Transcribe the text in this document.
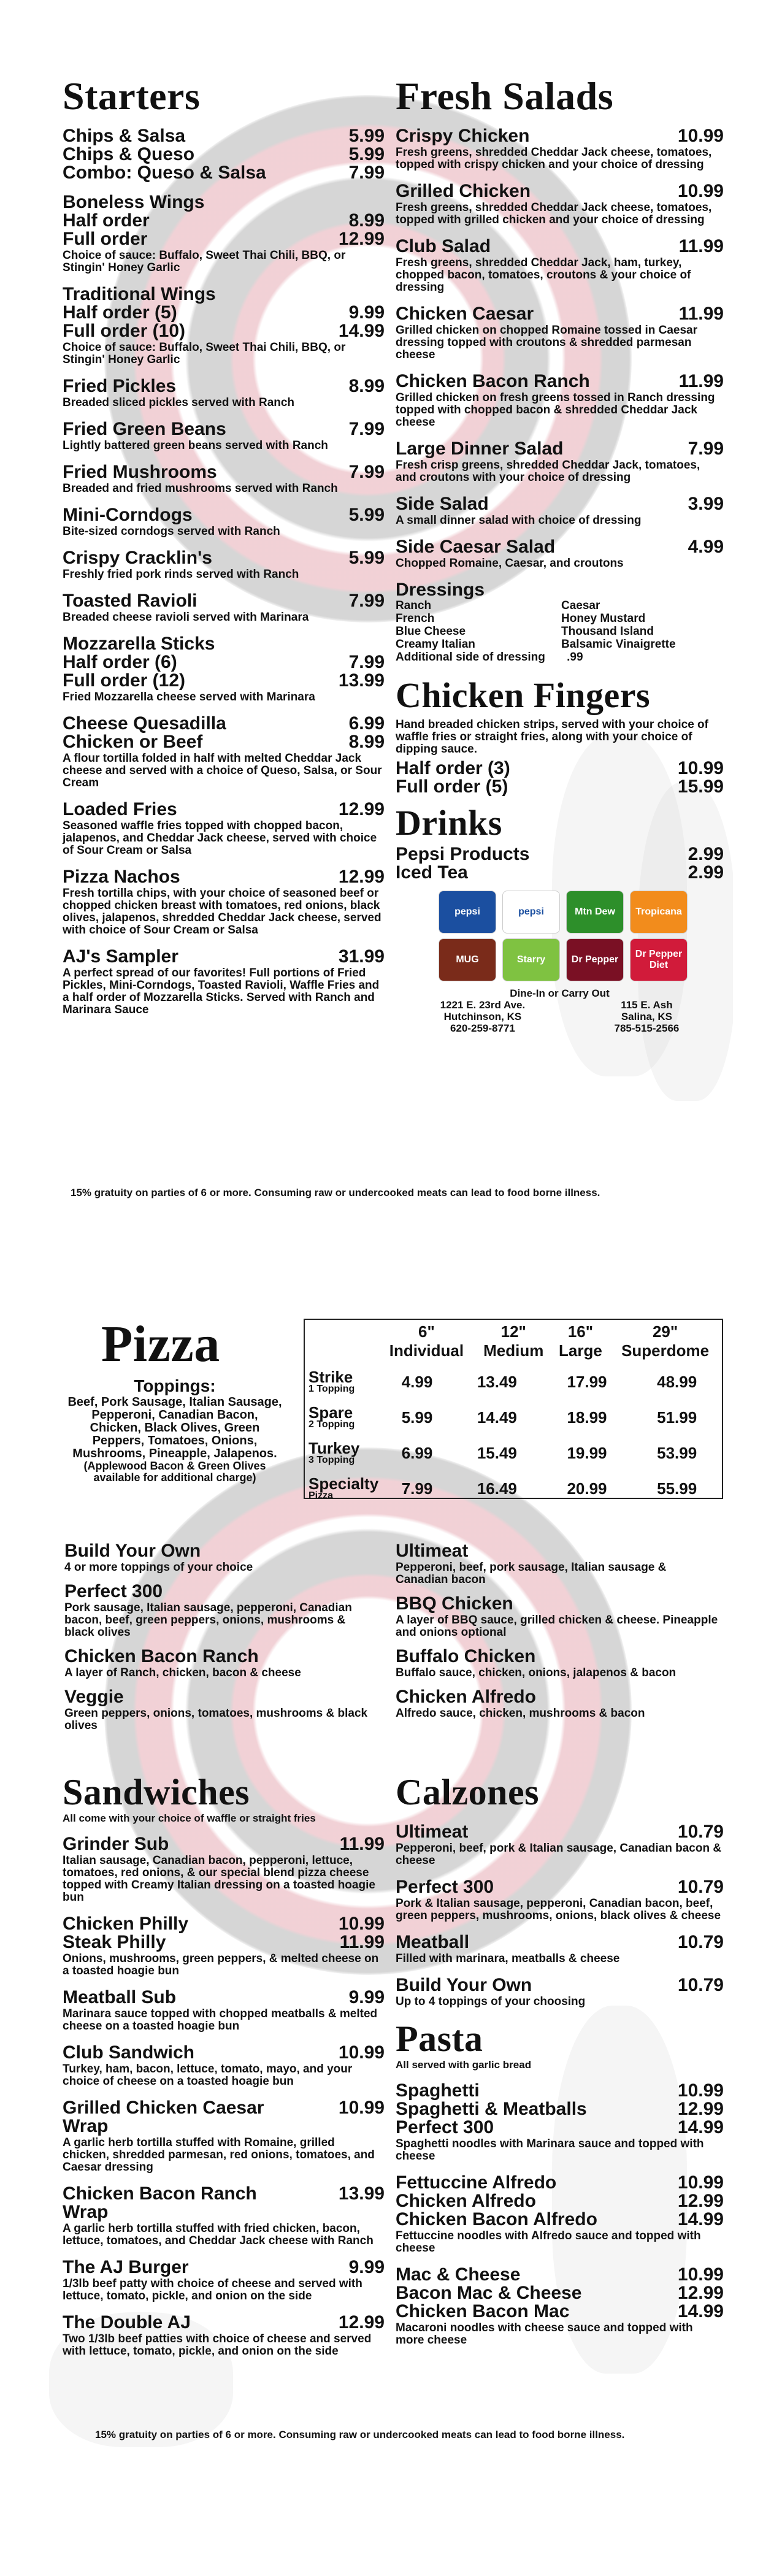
Starters
Chips & Salsa	5.99
Chips & Queso	5.99
Combo: Queso & Salsa	7.99
Boneless Wings
Half order	8.99
Full order	12.99
Choice of sauce: Buffalo, Sweet Thai Chili, BBQ, or Stingin' Honey Garlic
Traditional Wings
Half order (5)	9.99
Full order (10)	14.99
Choice of sauce: Buffalo, Sweet Thai Chili, BBQ, or Stingin' Honey Garlic
Fried Pickles	8.99
Breaded sliced pickles served with Ranch
Fried Green Beans	7.99
Lightly battered green beans served with Ranch
Fried Mushrooms	7.99
Breaded and fried mushrooms served with Ranch
Mini-Corndogs	5.99
Bite-sized corndogs served with Ranch
Crispy Cracklin's	5.99
Freshly fried pork rinds served with Ranch
Toasted Ravioli	7.99
Breaded cheese ravioli served with Marinara
Mozzarella Sticks
Half order (6)	7.99
Full order (12)	13.99
Fried Mozzarella cheese served with Marinara
Cheese Quesadilla	6.99
Chicken or Beef	8.99
A flour tortilla folded in half with melted Cheddar Jack cheese and served with a choice of Queso, Salsa, or Sour Cream
Loaded Fries	12.99
Seasoned waffle fries topped with chopped bacon, jalapenos, and Cheddar Jack cheese, served with choice of Sour Cream or Salsa
Pizza Nachos	12.99
Fresh tortilla chips, with your choice of seasoned beef or chopped chicken breast with tomatoes, red onions, black olives, jalapenos, shredded Cheddar Jack cheese, served with choice of Sour Cream or Salsa
AJ's Sampler	31.99
A perfect spread of our favorites! Full portions of Fried Pickles, Mini-Corndogs, Toasted Ravioli, Waffle Fries and a half order of Mozzarella Sticks. Served with Ranch and Marinara Sauce
Fresh Salads
Crispy Chicken	10.99
Fresh greens, shredded Cheddar Jack cheese, tomatoes, topped with crispy chicken and your choice of dressing
Grilled Chicken	10.99
Fresh greens, shredded Cheddar Jack cheese, tomatoes, topped with grilled chicken and your choice of dressing
Club Salad	11.99
Fresh greens, shredded Cheddar Jack, ham, turkey, chopped bacon, tomatoes, croutons & your choice of dressing
Chicken Caesar	11.99
Grilled chicken on chopped Romaine tossed in Caesar dressing topped with croutons & shredded parmesan cheese
Chicken Bacon Ranch	11.99
Grilled chicken on fresh greens tossed in Ranch dressing topped with chopped bacon & shredded Cheddar Jack cheese
Large Dinner Salad	7.99
Fresh crisp greens, shredded Cheddar Jack, tomatoes, and croutons with your choice of dressing
Side Salad	3.99
A small dinner salad with choice of dressing
Side Caesar Salad	4.99
Chopped Romaine, Caesar, and croutons
Dressings
Ranch	Caesar
French	Honey Mustard
Blue Cheese	Thousand Island
Creamy Italian	Balsamic Vinaigrette
Additional side of dressing .99
Chicken Fingers
Hand breaded chicken strips, served with your choice of waffle fries or straight fries, along with your choice of dipping sauce.
Half order (3)	10.99
Full order (5)	15.99
Drinks
Pepsi Products	2.99
Iced Tea	2.99
pepsi	pepsi	Mtn Dew	Tropicana
MUG	Starry	Dr Pepper
Dr Pepper Diet
Dine-In or Carry Out
1221 E. 23rd Ave.
Hutchinson, KS
620-259-8771
115 E. Ash
Salina, KS
785-515-2566
15% gratuity on parties of 6 or more. Consuming raw or undercooked meats can lead to food borne illness.
Pizza
Toppings:
Beef, Pork Sausage, Italian Sausage, Pepperoni, Canadian Bacon, Chicken, Black Olives, Green Peppers, Tomatoes, Onions, Mushrooms, Pineapple, Jalapenos.
(Applewood Bacon & Green Olives available for additional charge)
	6"	12"	16"	29"
	Individual	Medium	Large	Superdome
Strike
1 Topping	4.99	13.49	17.99	48.99

Spare
2 Topping	5.99	14.49	18.99	51.99

Turkey
3 Topping	6.99	15.49	19.99	53.99

Specialty
Pizza	7.99	16.49	20.99	55.99
Build Your Own
4 or more toppings of your choice
Perfect 300
Pork sausage, Italian sausage, pepperoni, Canadian bacon, beef, green peppers, onions, mushrooms & black olives
Chicken Bacon Ranch
A layer of Ranch, chicken, bacon & cheese
Veggie
Green peppers, onions, tomatoes, mushrooms & black olives
Ultimeat
Pepperoni, beef, pork sausage, Italian sausage & Canadian bacon
BBQ Chicken
A layer of BBQ sauce, grilled chicken & cheese. Pineapple and onions optional
Buffalo Chicken
Buffalo sauce, chicken, onions, jalapenos & bacon
Chicken Alfredo
Alfredo sauce, chicken, mushrooms & bacon
Sandwiches
All come with your choice of waffle or straight fries
Grinder Sub	11.99
Italian sausage, Canadian bacon, pepperoni, lettuce, tomatoes, red onions, & our special blend pizza cheese topped with Creamy Italian dressing on a toasted hoagie bun
Chicken Philly	10.99
Steak Philly	11.99
Onions, mushrooms, green peppers, & melted cheese on a toasted hoagie bun
Meatball Sub	9.99
Marinara sauce topped with chopped meatballs & melted cheese on a toasted hoagie bun
Club Sandwich	10.99
Turkey, ham, bacon, lettuce, tomato, mayo, and your choice of cheese on a toasted hoagie bun
Grilled Chicken Caesar Wrap
10.99
A garlic herb tortilla stuffed with Romaine, grilled chicken, shredded parmesan, red onions, tomatoes, and Caesar dressing
Chicken Bacon Ranch Wrap
13.99
A garlic herb tortilla stuffed with fried chicken, bacon, lettuce, tomatoes, and Cheddar Jack cheese with Ranch
The AJ Burger	9.99
1/3lb beef patty with choice of cheese and served with lettuce, tomato, pickle, and onion on the side
The Double AJ	12.99
Two 1/3lb beef patties with choice of cheese and served with lettuce, tomato, pickle, and onion on the side
Calzones
Ultimeat	10.79
Pepperoni, beef, pork & Italian sausage, Canadian bacon & cheese
Perfect 300	10.79
Pork & Italian sausage, pepperoni, Canadian bacon, beef, green peppers, mushrooms, onions, black olives & cheese
Meatball	10.79
Filled with marinara, meatballs & cheese
Build Your Own	10.79
Up to 4 toppings of your choosing
Pasta
All served with garlic bread
Spaghetti	10.99
Spaghetti & Meatballs	12.99
Perfect 300	14.99
Spaghetti noodles with Marinara sauce and topped with cheese
Fettuccine Alfredo	10.99
Chicken Alfredo	12.99
Chicken Bacon Alfredo	14.99
Fettuccine noodles with Alfredo sauce and topped with cheese
Mac & Cheese	10.99
Bacon Mac & Cheese	12.99
Chicken Bacon Mac	14.99
Macaroni noodles with cheese sauce and topped with more cheese
15% gratuity on parties of 6 or more. Consuming raw or undercooked meats can lead to food borne illness.
